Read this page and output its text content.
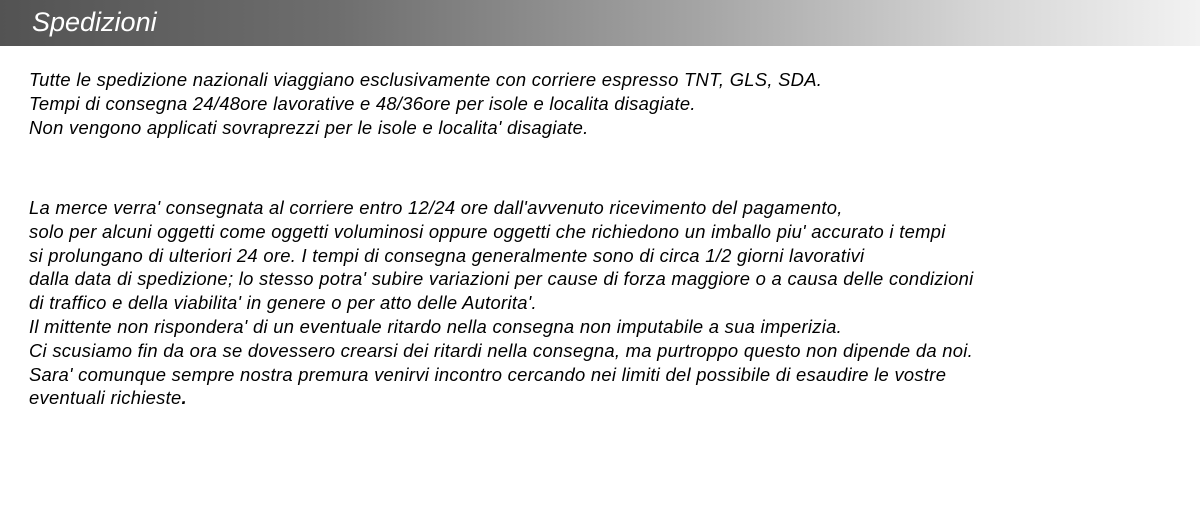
Spedizioni
Tutte le spedizione nazionali viaggiano esclusivamente con corriere espresso TNT, GLS, SDA.
Tempi di consegna 24/48ore lavorative e 48/36ore per isole e localita disagiate.
Non vengono applicati sovraprezzi per le isole e localita' disagiate.
La merce verra' consegnata al corriere entro 12/24 ore dall'avvenuto ricevimento del pagamento,
solo per alcuni oggetti come oggetti voluminosi oppure oggetti che richiedono un imballo piu' accurato i tempi
si prolungano di ulteriori 24 ore. I tempi di consegna generalmente sono di circa 1/2 giorni lavorativi
dalla data di spedizione; lo stesso potra' subire variazioni per cause di forza maggiore o a causa delle condizioni
di traffico e della viabilita' in genere o per atto delle Autorita'.
Il mittente non rispondera' di un eventuale ritardo nella consegna non imputabile a sua imperizia.
Ci scusiamo fin da ora se dovessero crearsi dei ritardi nella consegna, ma purtroppo questo non dipende da noi.
Sara' comunque sempre nostra premura venirvi incontro cercando nei limiti del possibile di esaudire le vostre
eventuali richieste.
